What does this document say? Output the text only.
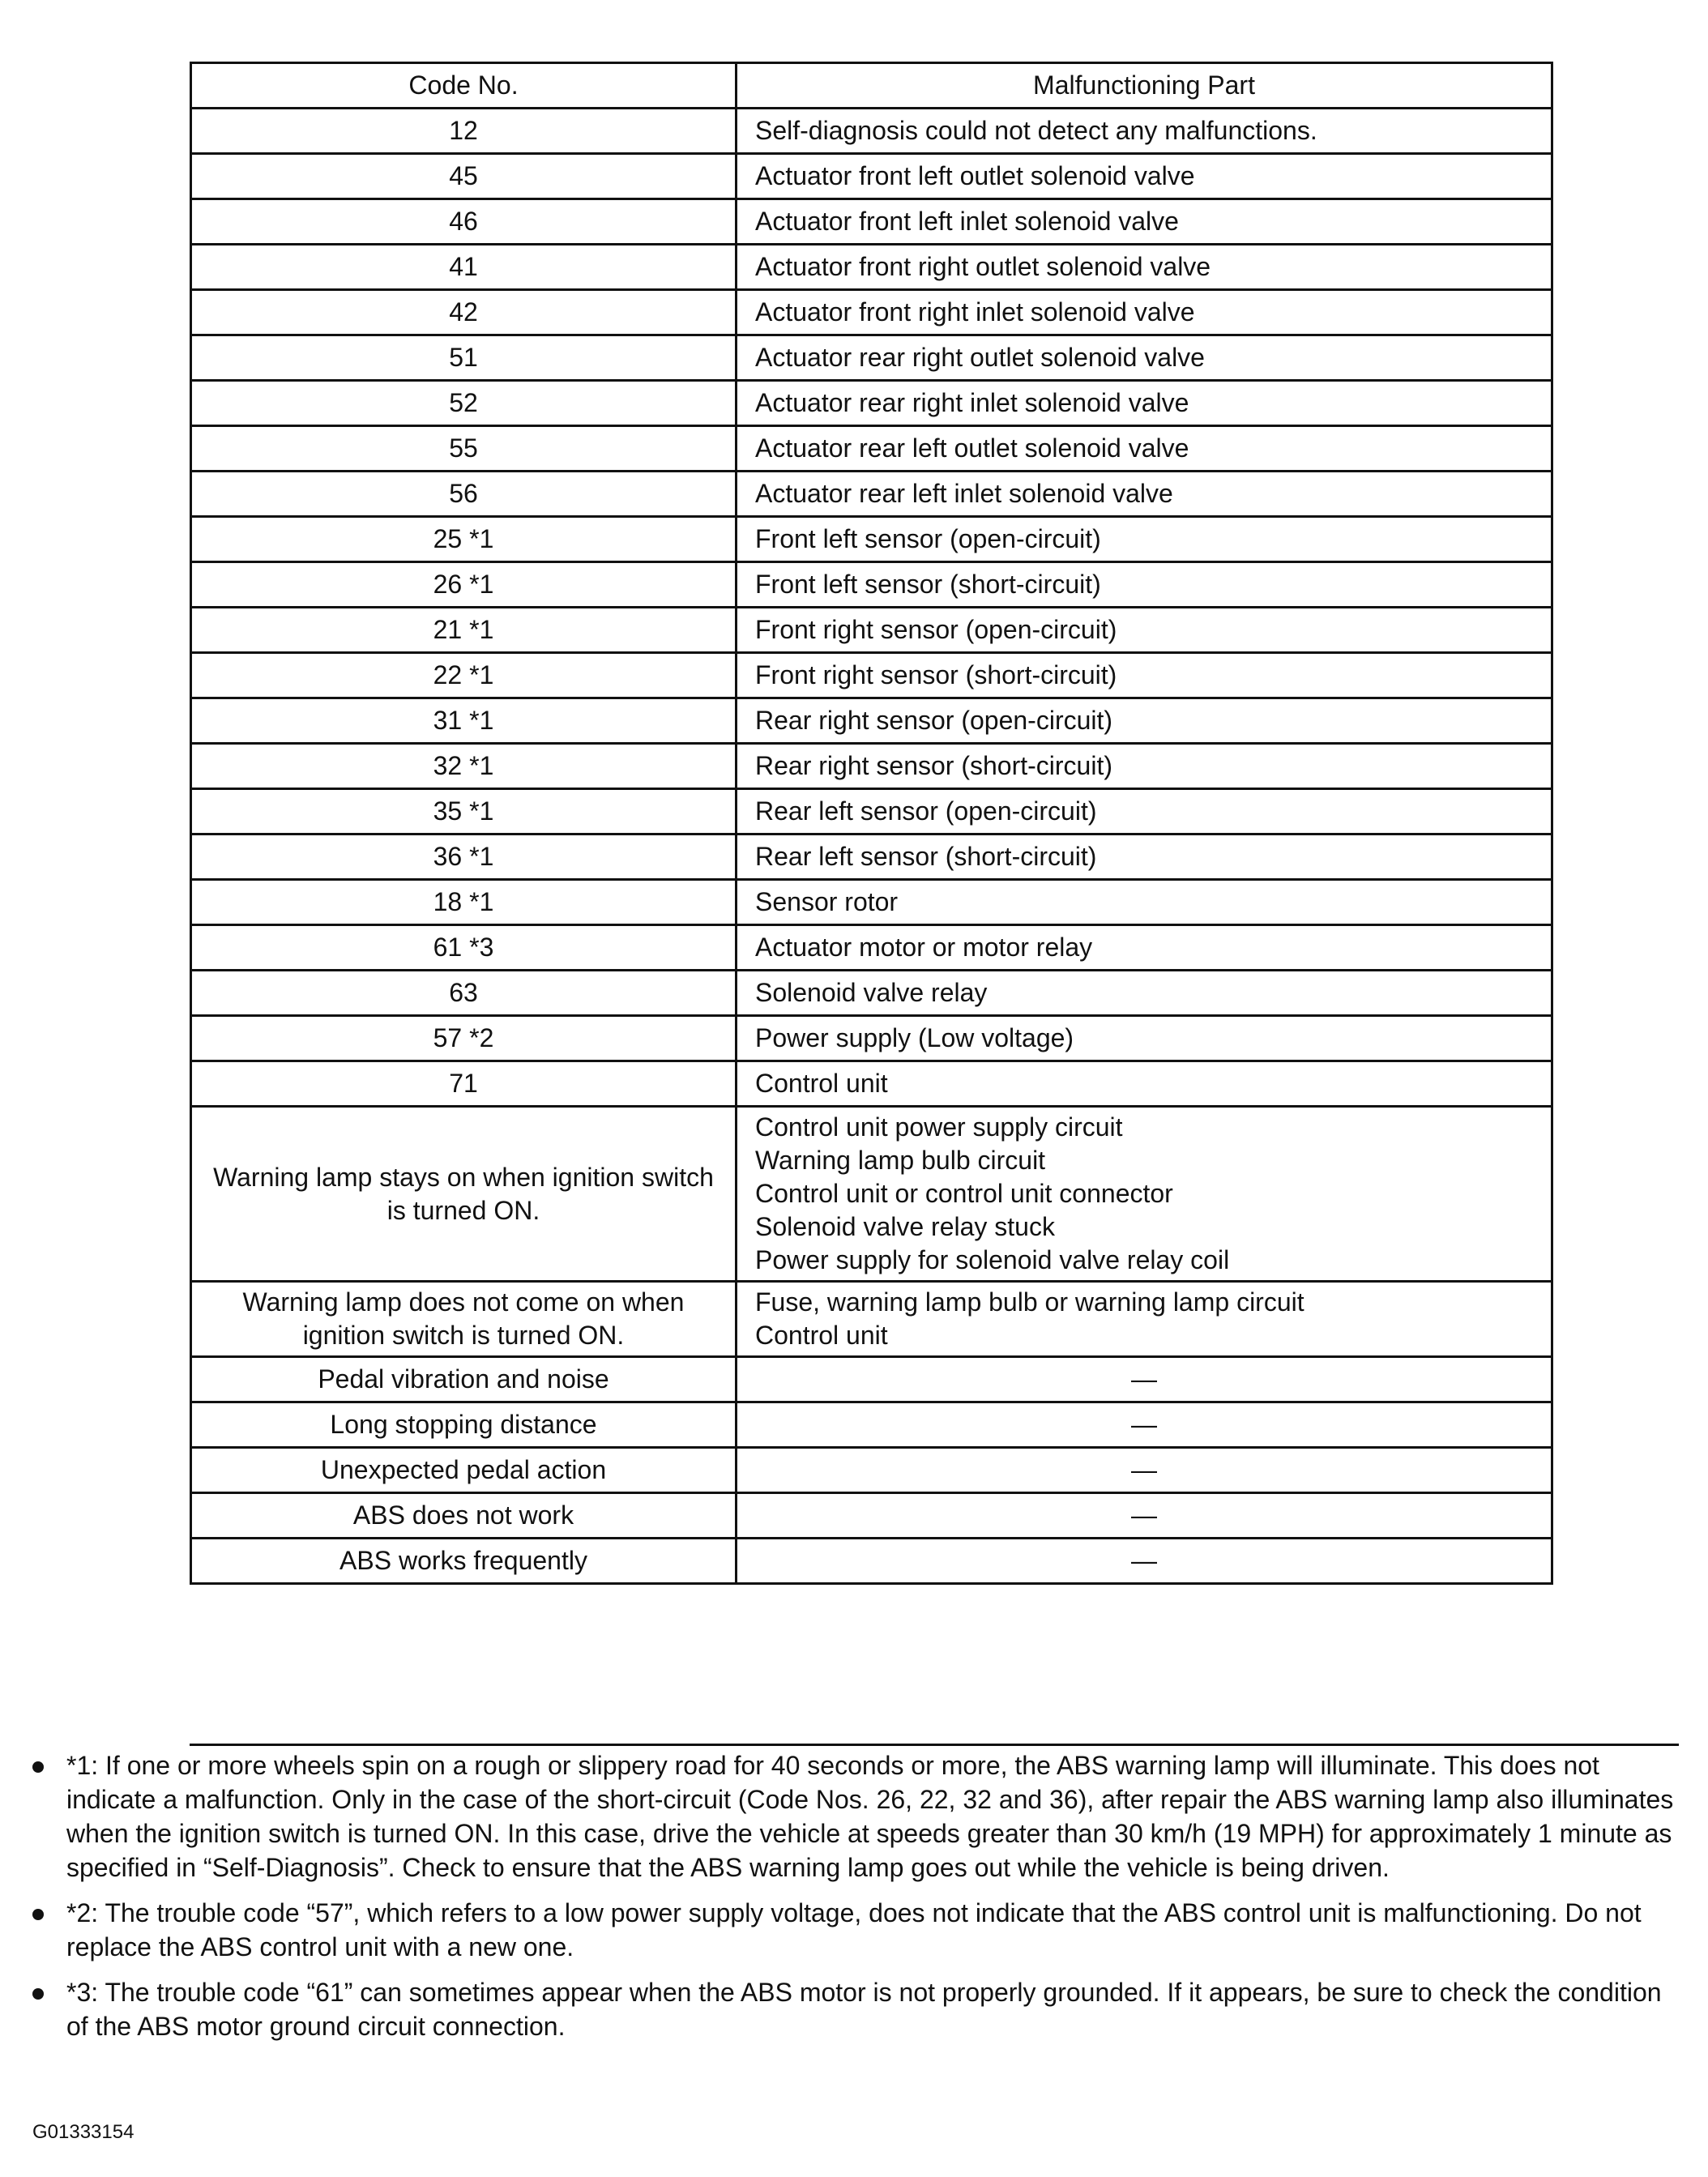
Code No.	Malfunctioning Part
12	Self-diagnosis could not detect any malfunctions.

45	Actuator front left outlet solenoid valve

46	Actuator front left inlet solenoid valve

41	Actuator front right outlet solenoid valve

42	Actuator front right inlet solenoid valve

51	Actuator rear right outlet solenoid valve

52	Actuator rear right inlet solenoid valve

55	Actuator rear left outlet solenoid valve

56	Actuator rear left inlet solenoid valve

25 *1	Front left sensor (open-circuit)

26 *1	Front left sensor (short-circuit)

21 *1	Front right sensor (open-circuit)

22 *1	Front right sensor (short-circuit)

31 *1	Rear right sensor (open-circuit)

32 *1	Rear right sensor (short-circuit)

35 *1	Rear left sensor (open-circuit)

36 *1	Rear left sensor (short-circuit)

18 *1	Sensor rotor

61 *3	Actuator motor or motor relay

63	Solenoid valve relay

57 *2	Power supply (Low voltage)

71	Control unit

Warning lamp stays on when ignition switch is turned ON.	Control unit power supply circuit
Warning lamp bulb circuit
Control unit or control unit connector
Solenoid valve relay stuck
Power supply for solenoid valve relay coil

Warning lamp does not come on when ignition switch is turned ON.	Fuse, warning lamp bulb or warning lamp circuit
Control unit

Pedal vibration and noise	—
Long stopping distance	—
Unexpected pedal action	—
ABS does not work	—
ABS works frequently	—
*1: If one or more wheels spin on a rough or slippery road for 40 seconds or more, the ABS warning lamp will illuminate. This does not indicate a malfunction. Only in the case of the short-circuit (Code Nos. 26, 22, 32 and 36), after repair the ABS warning lamp also illuminates when the ignition switch is turned ON. In this case, drive the vehicle at speeds greater than 30 km/h (19 MPH) for approximately 1 minute as specified in “Self-Diagnosis”. Check to ensure that the ABS warning lamp goes out while the vehicle is being driven.
*2: The trouble code “57”, which refers to a low power supply voltage, does not indicate that the ABS control unit is malfunctioning. Do not replace the ABS control unit with a new one.
*3: The trouble code “61” can sometimes appear when the ABS motor is not properly grounded. If it appears, be sure to check the condition of the ABS motor ground circuit connection.
G01333154
